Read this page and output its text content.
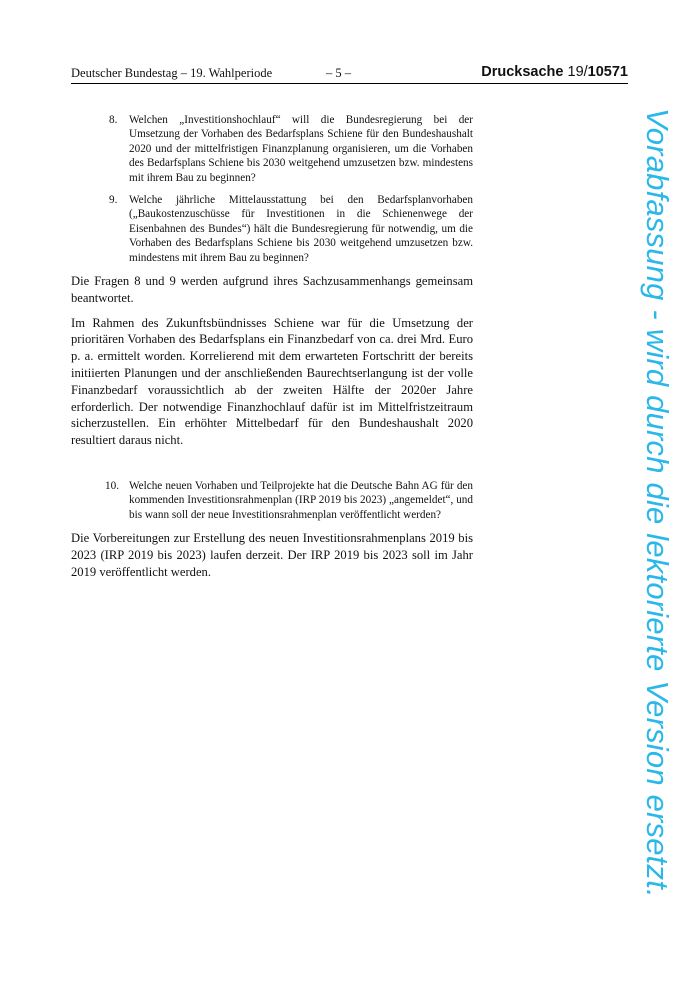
Deutscher Bundestag – 19. Wahlperiode	– 5 –	Drucksache 19/10571
8. Welchen „Investitionshochlauf“ will die Bundesregierung bei der Umsetzung der Vorhaben des Bedarfsplans Schiene für den Bundeshaushalt 2020 und der mittelfristigen Finanzplanung organisieren, um die Vorhaben des Bedarfsplans Schiene bis 2030 weitgehend umzusetzen bzw. mindestens mit ihrem Bau zu beginnen?
9. Welche jährliche Mittelausstattung bei den Bedarfsplanvorhaben („Baukostenzuschüsse für Investitionen in die Schienenwege der Eisenbahnen des Bundes“) hält die Bundesregierung für notwendig, um die Vorhaben des Bedarfsplans Schiene bis 2030 weitgehend umzusetzen bzw. mindestens mit ihrem Bau zu beginnen?

Die Fragen 8 und 9 werden aufgrund ihres Sachzusammenhangs gemeinsam beantwortet.

Im Rahmen des Zukunftsbündnisses Schiene war für die Umsetzung der prioritären Vorhaben des Bedarfsplans ein Finanzbedarf von ca. drei Mrd. Euro p. a. ermittelt worden. Korrelierend mit dem erwarteten Fortschritt der bereits initiierten Planungen und der anschließenden Baurechtserlangung ist der volle Finanzbedarf voraussichtlich ab der zweiten Hälfte der 2020er Jahre erforderlich. Der notwendige Finanzhochlauf dafür ist im Mittelfristzeitraum sicherzustellen. Ein erhöhter Mittelbedarf für den Bundeshaushalt 2020 resultiert daraus nicht.

10. Welche neuen Vorhaben und Teilprojekte hat die Deutsche Bahn AG für den kommenden Investitionsrahmenplan (IRP 2019 bis 2023) „angemeldet“, und bis wann soll der neue Investitionsrahmenplan veröffentlicht werden?

Die Vorbereitungen zur Erstellung des neuen Investitionsrahmenplans 2019 bis 2023 (IRP 2019 bis 2023) laufen derzeit. Der IRP 2019 bis 2023 soll im Jahr 2019 veröffentlicht werden.	Vorabfassung - wird durch die lektorierte Version ersetzt.
